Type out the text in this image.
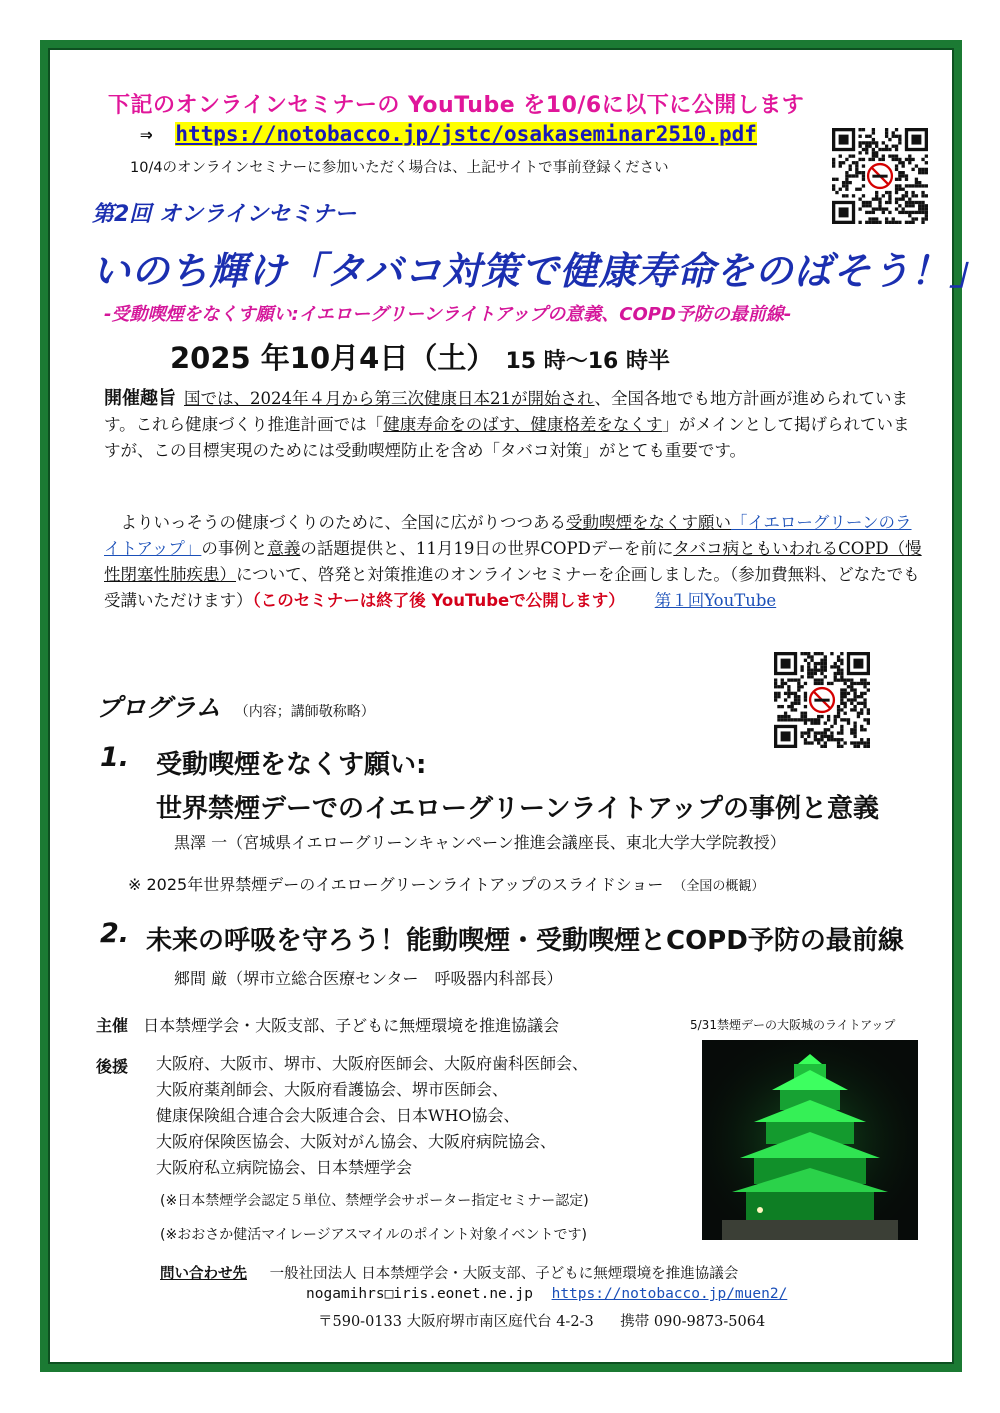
下記のオンラインセミナーの YouTube を10/6に以下に公開します
⇒ https://notobacco.jp/jstc/osakaseminar2510.pdf
10/4のオンラインセミナーに参加いただく場合は、上記サイトで事前登録ください
第2回 オンラインセミナー
いのち輝け「タバコ対策で健康寿命をのばそう！」
-受動喫煙をなくす願い:イエローグリーンライトアップの意義、COPD予防の最前線-
2025 年10月4日（土） 15 時～16 時半
開催趣旨 国では、2024年４月から第三次健康日本21が開始され、全国各地でも地方計画が進められています。これら健康づくり推進計画では「健康寿命をのばす、健康格差をなくす」がメインとして掲げられていますが、この目標実現のためには受動喫煙防止を含め「タバコ対策」がとても重要です。
　よりいっそうの健康づくりのために、全国に広がりつつある受動喫煙をなくす願い「イエローグリーンのライトアップ」の事例と意義の話題提供と、11月19日の世界COPDデーを前にタバコ病ともいわれるCOPD（慢性閉塞性肺疾患）について、啓発と対策推進のオンラインセミナーを企画しました。（参加費無料、どなたでも受講いただけます）（このセミナーは終了後 YouTubeで公開します） 第１回YouTube
プログラム （内容；講師敬称略）
1. 受動喫煙をなくす願い:
世界禁煙デーでのイエローグリーンライトアップの事例と意義
黒澤 一（宮城県イエローグリーンキャンペーン推進会議座長、東北大学大学院教授）
※ 2025年世界禁煙デーのイエローグリーンライトアップのスライドショー （全国の概観）
2. 未来の呼吸を守ろう！能動喫煙・受動喫煙とCOPD予防の最前線
郷間 厳（堺市立総合医療センター　呼吸器内科部長）
主催 日本禁煙学会・大阪支部、子どもに無煙環境を推進協議会	5/31禁煙デーの大阪城のライトアップ
後援 大阪府、大阪市、堺市、大阪府医師会、大阪府歯科医師会、
大阪府薬剤師会、大阪府看護協会、堺市医師会、
健康保険組合連合会大阪連合会、日本WHO協会、
大阪府保険医協会、大阪対がん協会、大阪府病院協会、
大阪府私立病院協会、日本禁煙学会
(※日本禁煙学会認定５単位、禁煙学会サポーター指定セミナー認定)
(※おおさか健活マイレージアスマイルのポイント対象イベントです)
問い合わせ先 一般社団法人 日本禁煙学会・大阪支部、子どもに無煙環境を推進協議会
nogamihrs□iris.eonet.ne.jp https://notobacco.jp/muen2/
〒590-0133 大阪府堺市南区庭代台 4-2-3 携帯 090-9873-5064
